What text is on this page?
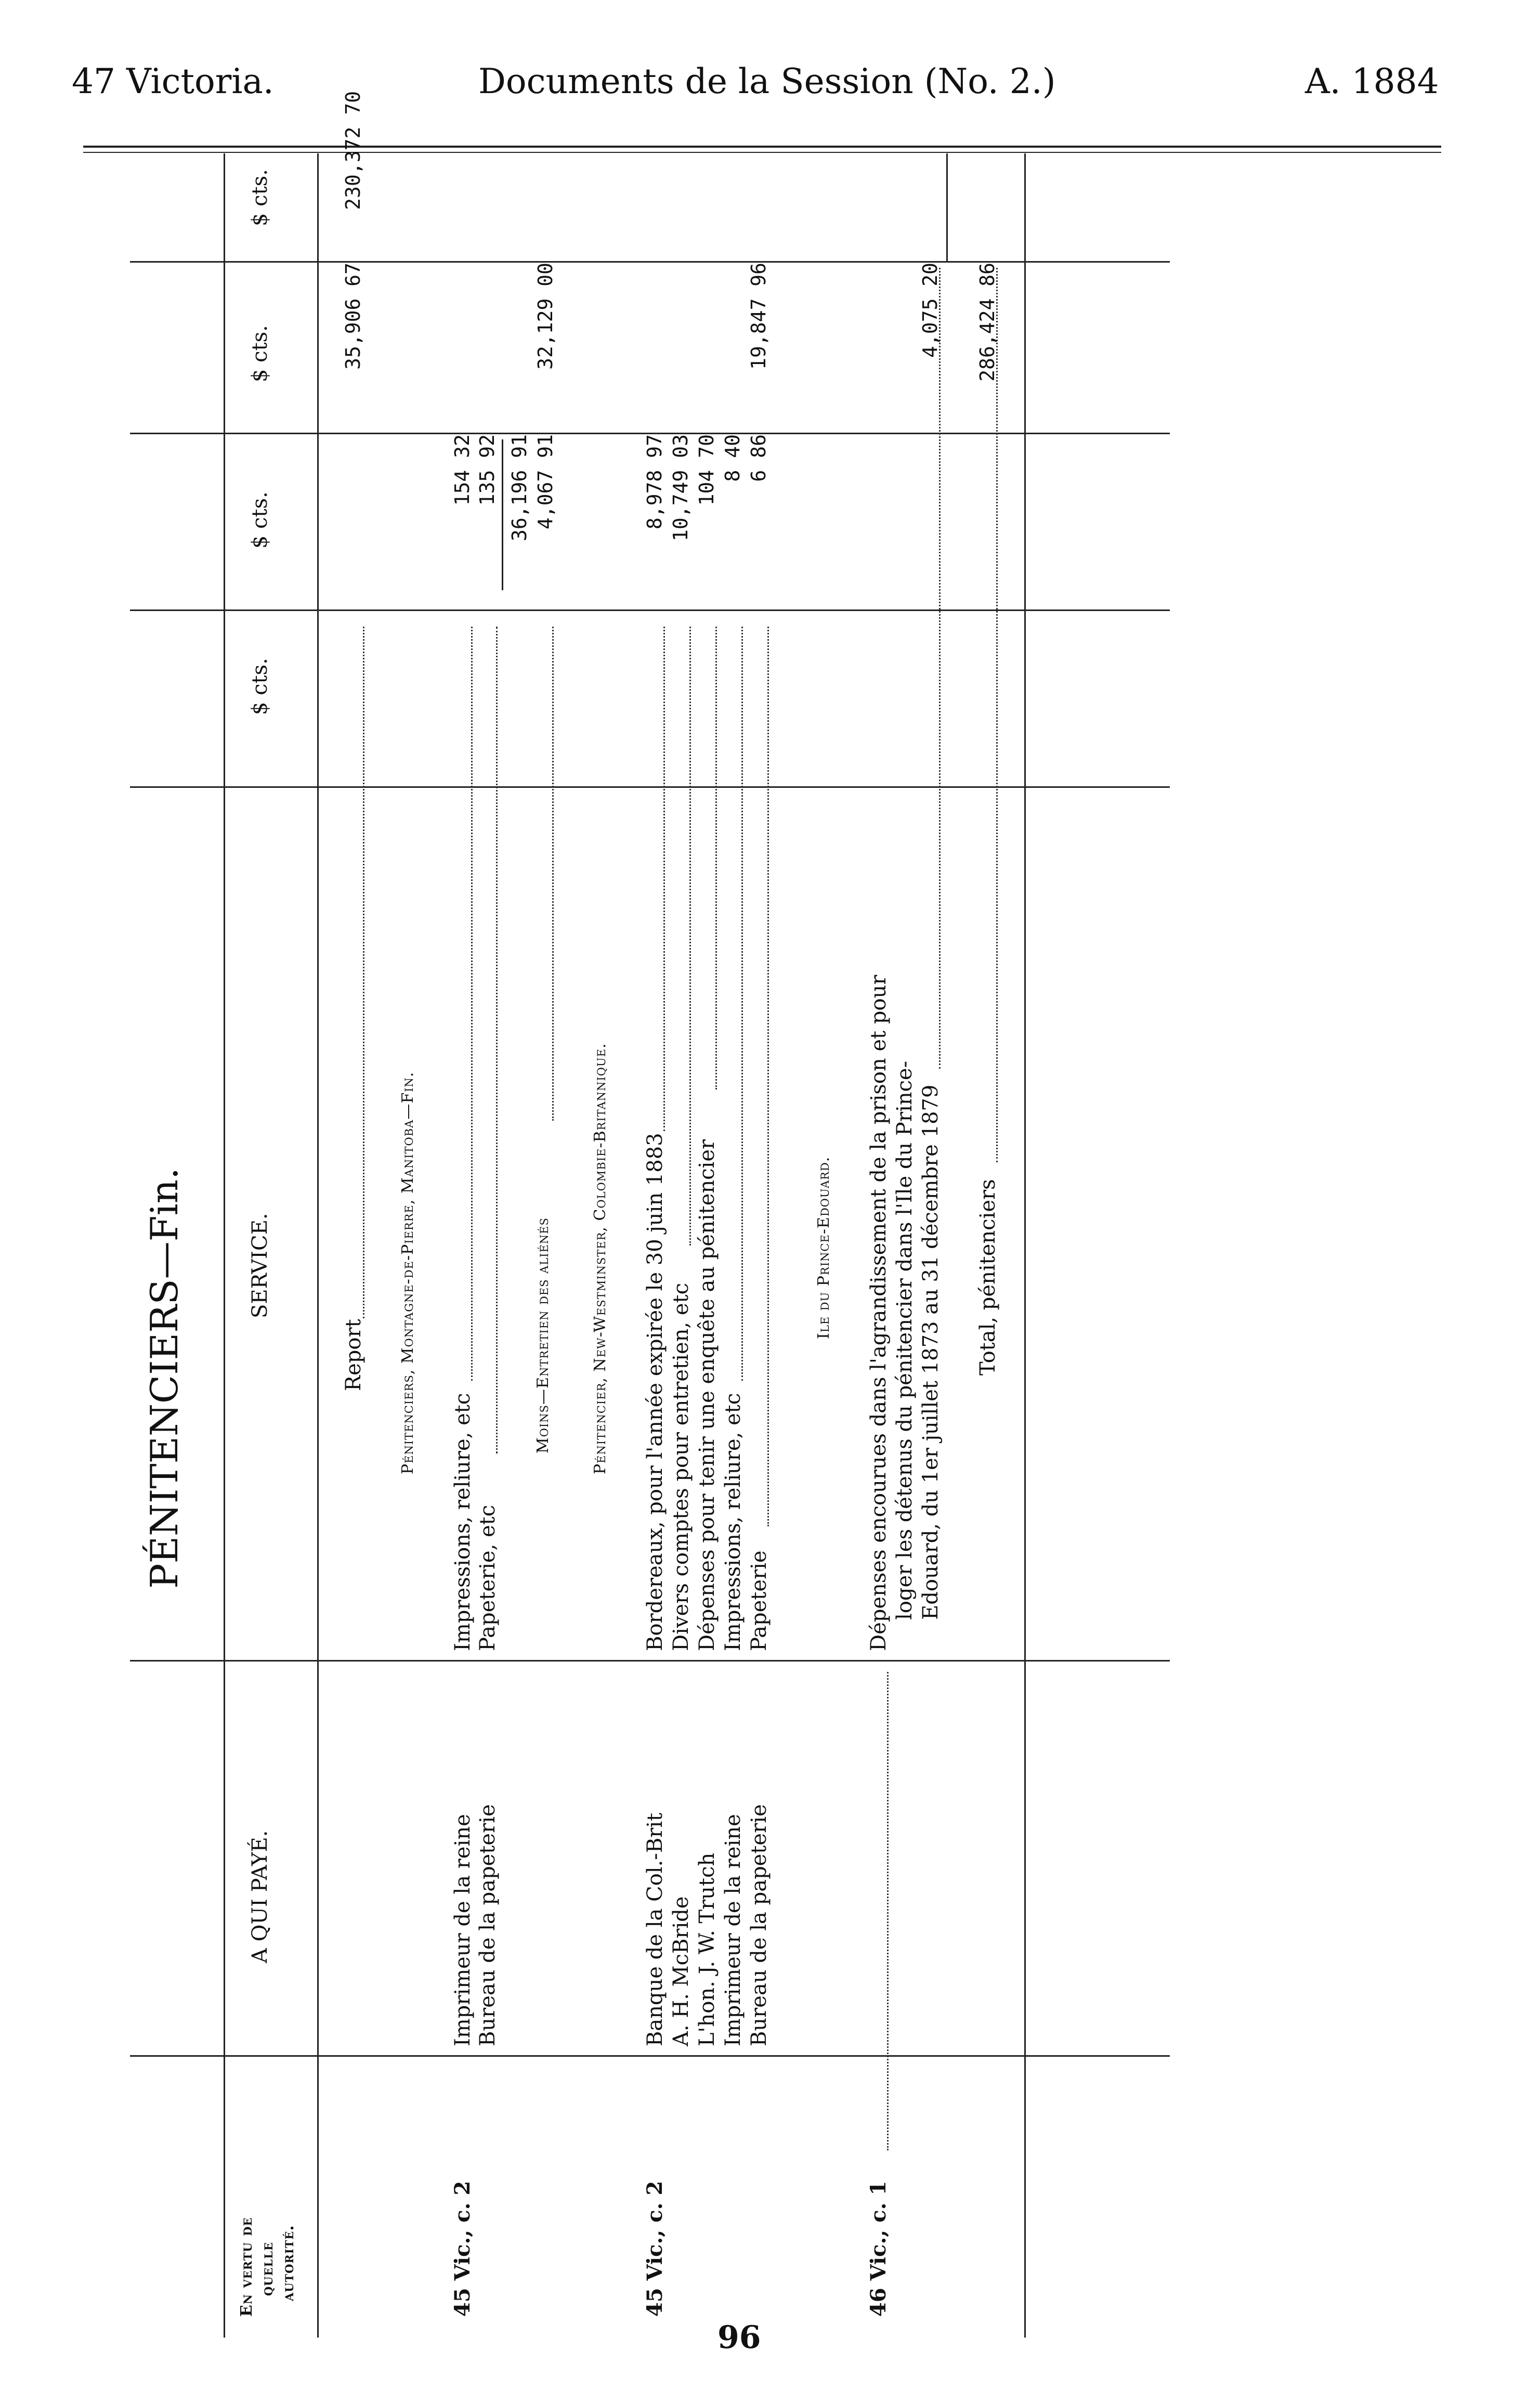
47 Victoria.	Documents de la Session (No. 2.)	A. 1884
PÉNITENCIERS—Fin.
En vertu de quelle autorité.
A QUI PAYÉ.
SERVICE.
$ cts.
$ cts.
$ cts.
$ cts.
Report
35,906 67
230,372 70
Pénitenciers, Montagne-de-Pierre, Manitoba—Fin.
45 Vic., c. 2
Imprimeur de la reine
Impressions, reliure, etc
154 32
Bureau de la papeterie
Papeterie, etc
135 92 36,196 91
Moins—Entretien des aliénés
4,067 91
32,129 00
Pénitencier, New-Westminster, Colombie-Britannique.
45 Vic., c. 2
Banque de la Col.-Brit
Bordereaux, pour l'année expirée le 30 juin 1883
8,978 97
A. H. McBride
Divers comptes pour entretien, etc
10,749 03
L'hon. J. W. Trutch
Dépenses pour tenir une enquête au pénitencier
104 70
Imprimeur de la reine
Impressions, reliure, etc
8 40
Bureau de la papeterie
Papeterie
6 86
19,847 96
Ile du Prince-Edouard.
46 Vic., c. 1
Dépenses encourues dans l'agrandissement de la prison et pour loger les détenus du pénitencier dans l'Ile du Prince- Edouard, du 1er juillet 1873 au 31 décembre 1879
4,075 20
Total, pénitenciers
286,424 86
96
